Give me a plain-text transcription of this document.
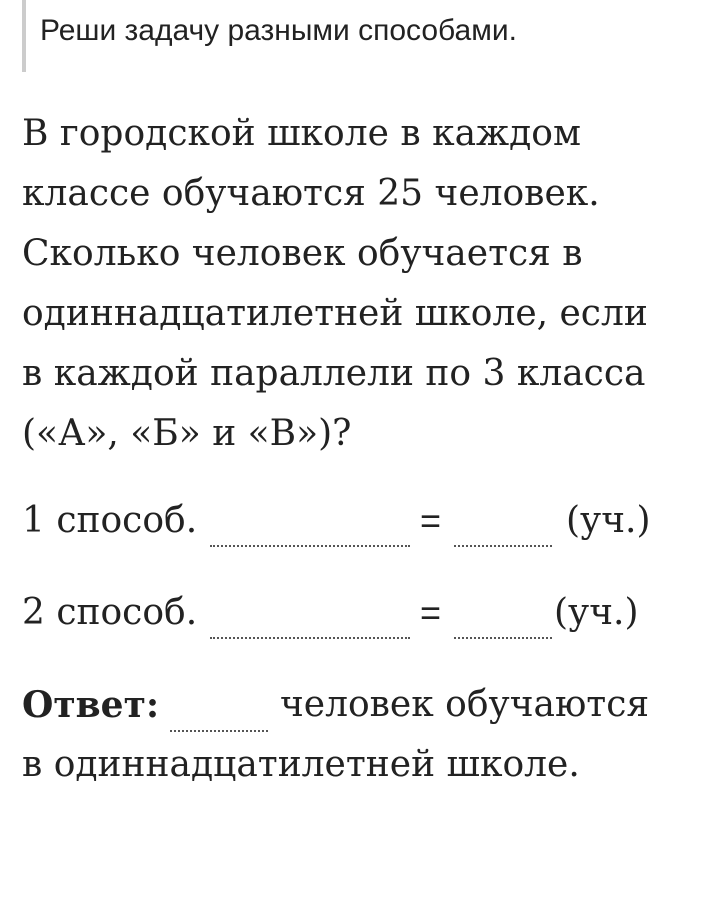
Реши задачу разными способами.
В городской школе в каждом
классе обучаются 25 человек.
Сколько человек обучается в
одиннадцатилетней школе, если
в каждой параллели по 3 класса
(«А», «Б» и «В»)?
1 способ.	=	(уч.)
2 способ.	=	(уч.)
Ответ:	человек обучаются
в одиннадцатилетней школе.
